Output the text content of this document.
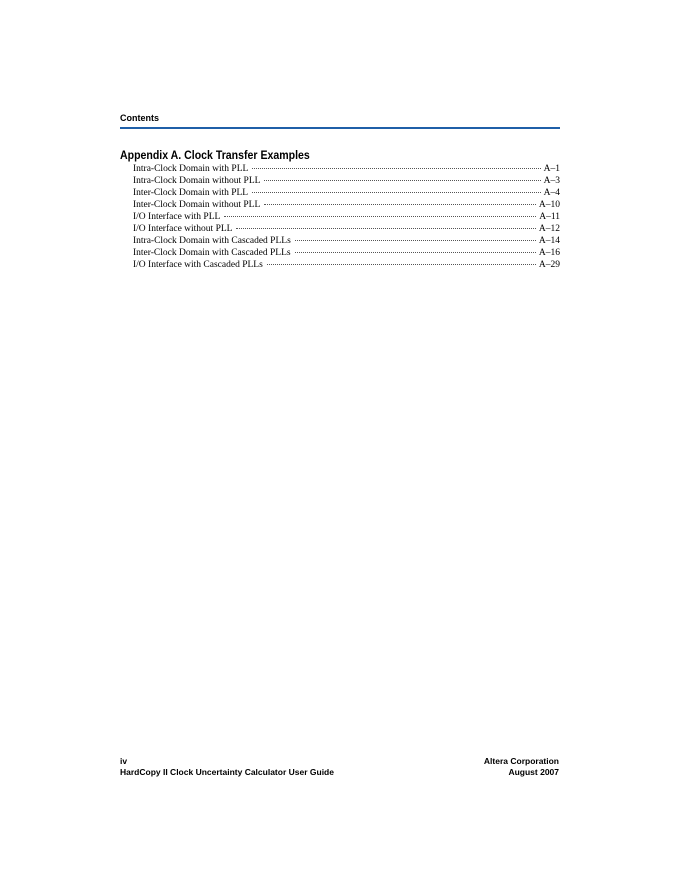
Contents
Appendix A. Clock Transfer Examples
Intra-Clock Domain with PLL	A–1
Intra-Clock Domain without PLL	A–3
Inter-Clock Domain with PLL	A–4
Inter-Clock Domain without PLL	A–10
I/O Interface with PLL	A–11
I/O Interface without PLL	A–12
Intra-Clock Domain with Cascaded PLLs	A–14
Inter-Clock Domain with Cascaded PLLs	A–16
I/O Interface with Cascaded PLLs	A–29
iv
HardCopy II Clock Uncertainty Calculator User Guide
Altera Corporation
August 2007
